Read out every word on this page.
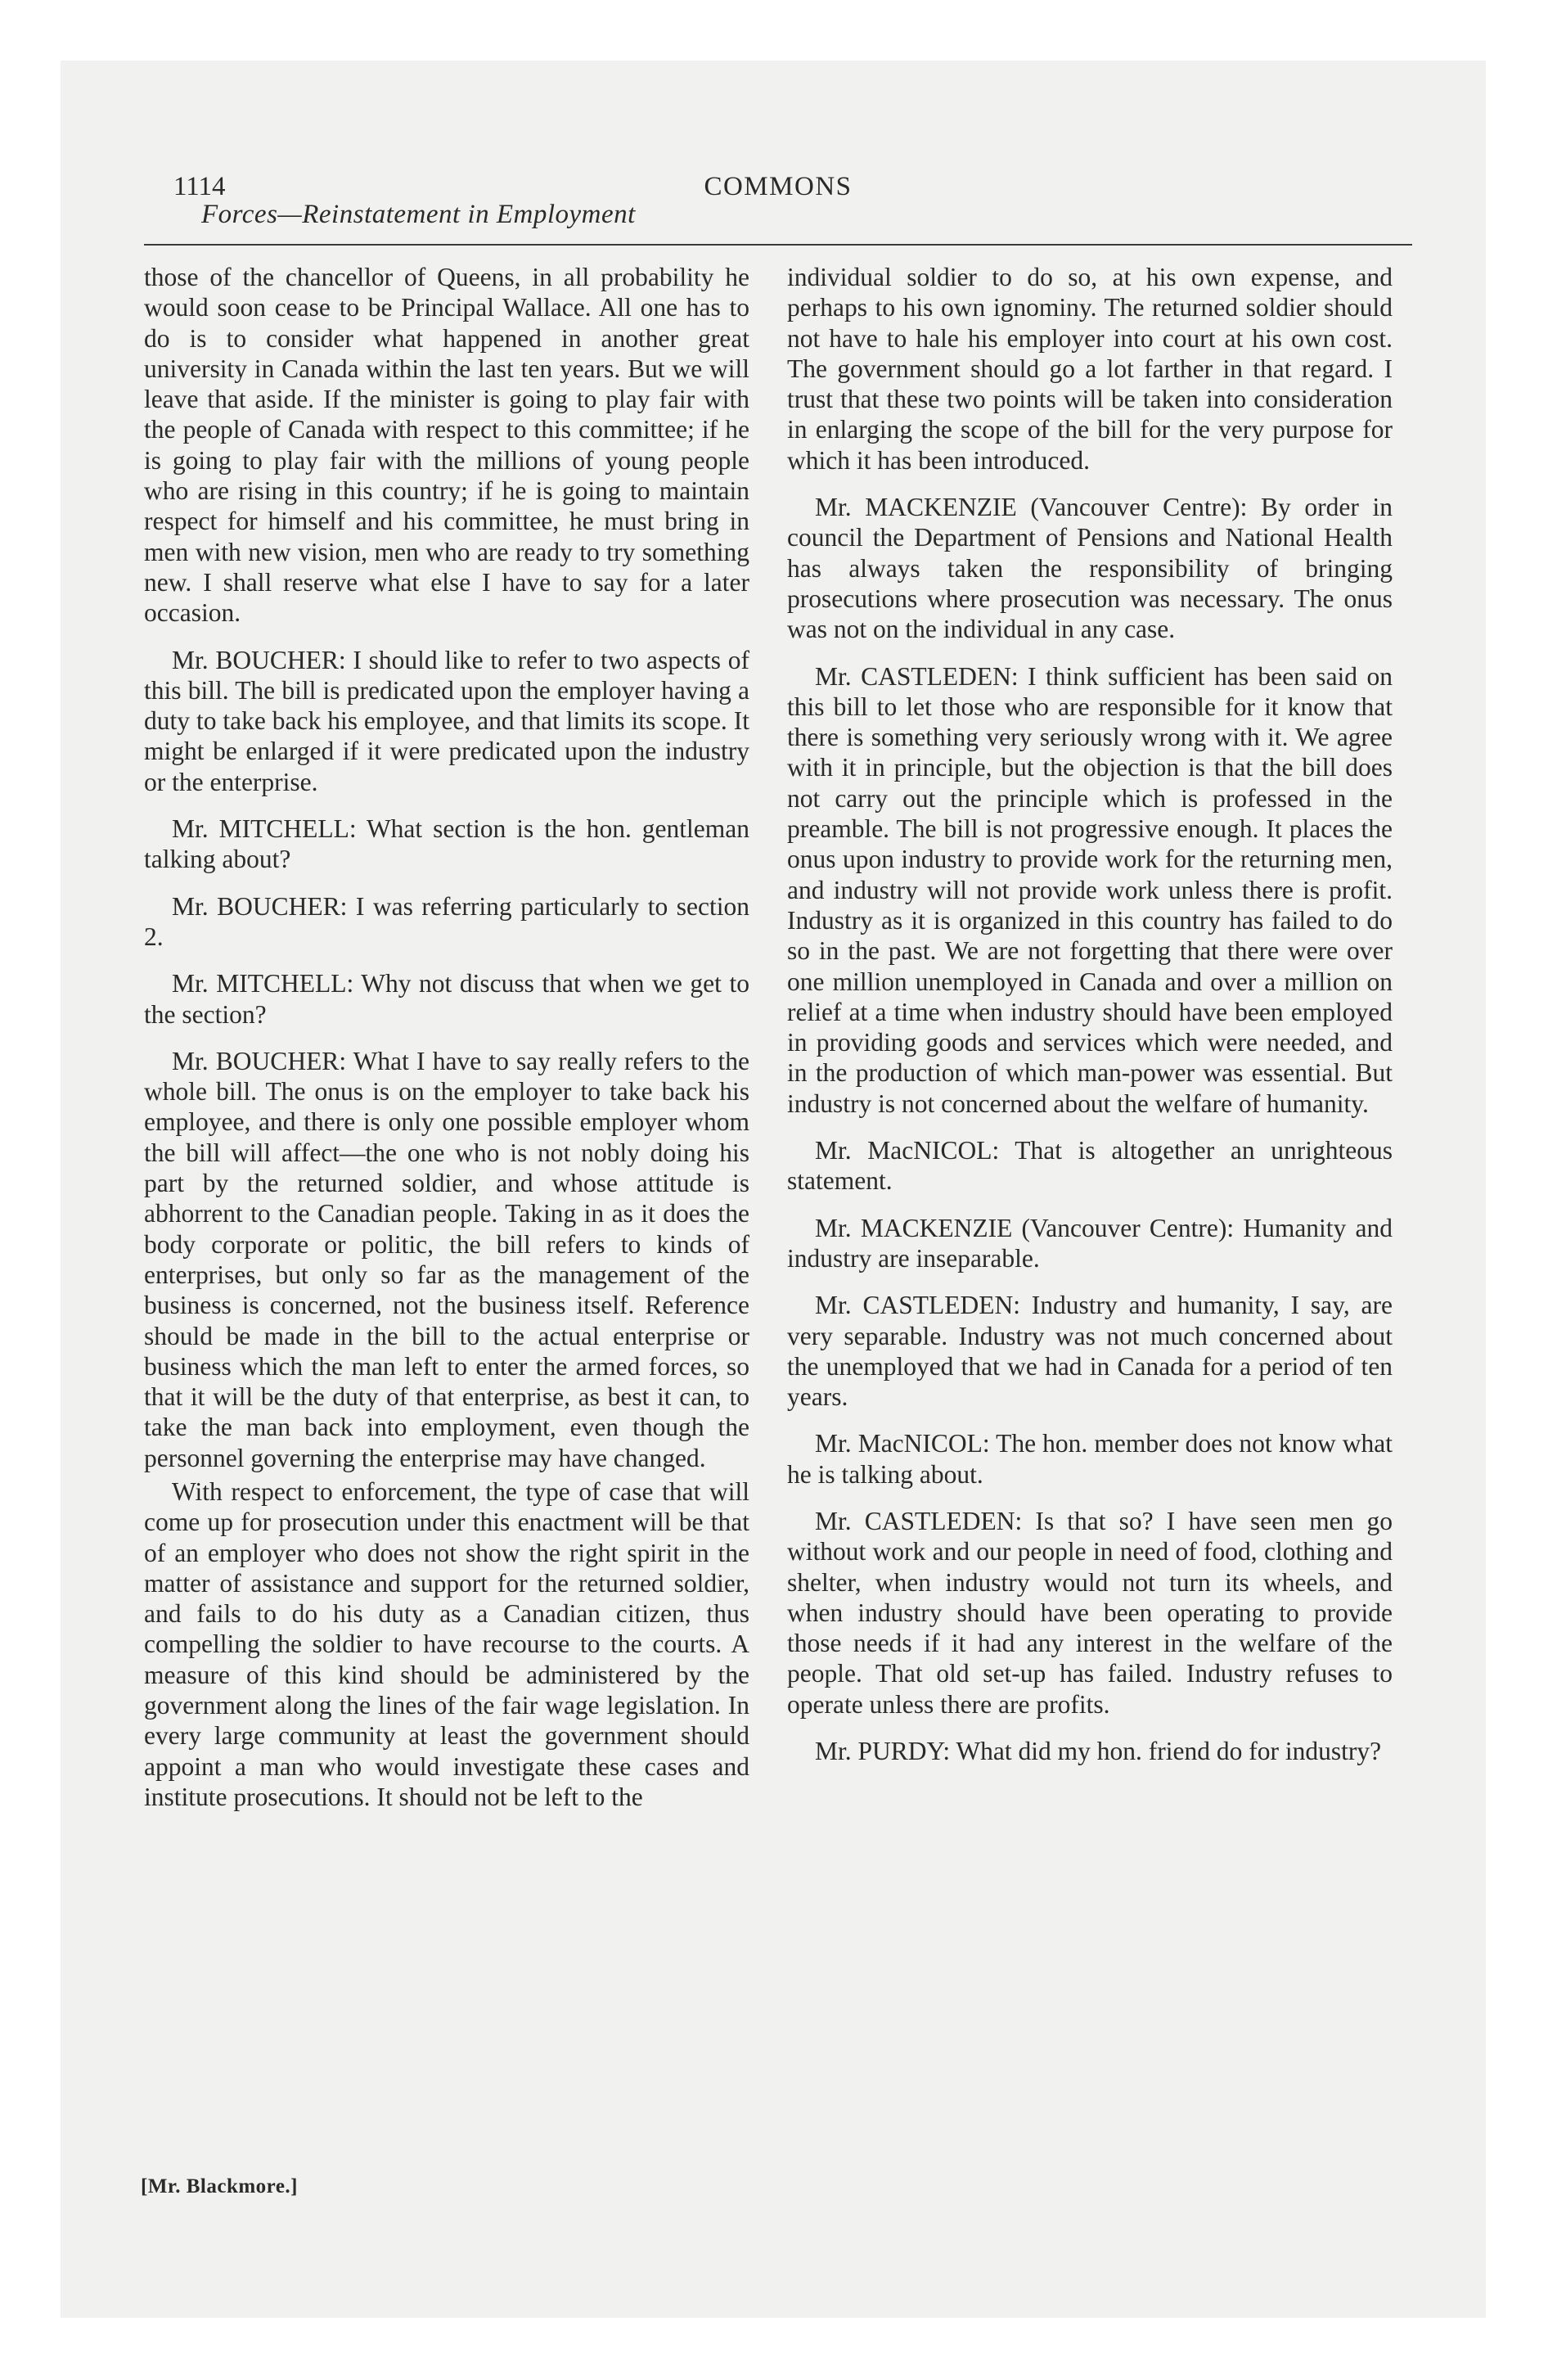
1114	COMMONS
Forces—Reinstatement in Employment

those of the chancellor of Queens, in all probability he would soon cease to be Principal Wallace. All one has to do is to consider what happened in another great university in Canada within the last ten years. But we will leave that aside. If the minister is going to play fair with the people of Canada with respect to this committee; if he is going to play fair with the millions of young people who are rising in this country; if he is going to maintain respect for himself and his committee, he must bring in men with new vision, men who are ready to try something new. I shall reserve what else I have to say for a later occasion.

Mr. BOUCHER: I should like to refer to two aspects of this bill. The bill is predicated upon the employer having a duty to take back his employee, and that limits its scope. It might be enlarged if it were predicated upon the industry or the enterprise.

Mr. MITCHELL: What section is the hon. gentleman talking about?

Mr. BOUCHER: I was referring particularly to section 2.

Mr. MITCHELL: Why not discuss that when we get to the section?

Mr. BOUCHER: What I have to say really refers to the whole bill. The onus is on the employer to take back his employee, and there is only one possible employer whom the bill will affect—the one who is not nobly doing his part by the returned soldier, and whose attitude is abhorrent to the Canadian people. Taking in as it does the body corporate or politic, the bill refers to kinds of enterprises, but only so far as the management of the business is concerned, not the business itself. Reference should be made in the bill to the actual enterprise or business which the man left to enter the armed forces, so that it will be the duty of that enterprise, as best it can, to take the man back into employment, even though the personnel governing the enterprise may have changed.

With respect to enforcement, the type of case that will come up for prosecution under this enactment will be that of an employer who does not show the right spirit in the matter of assistance and support for the returned soldier, and fails to do his duty as a Canadian citizen, thus compelling the soldier to have recourse to the courts. A measure of this kind should be administered by the government along the lines of the fair wage legislation. In every large community at least the government should appoint a man who would investigate these cases and institute prosecutions. It should not be left to the

individual soldier to do so, at his own expense, and perhaps to his own ignominy. The returned soldier should not have to hale his employer into court at his own cost. The government should go a lot farther in that regard. I trust that these two points will be taken into consideration in enlarging the scope of the bill for the very purpose for which it has been introduced.

Mr. MACKENZIE (Vancouver Centre): By order in council the Department of Pensions and National Health has always taken the responsibility of bringing prosecutions where prosecution was necessary. The onus was not on the individual in any case.

Mr. CASTLEDEN: I think sufficient has been said on this bill to let those who are responsible for it know that there is something very seriously wrong with it. We agree with it in principle, but the objection is that the bill does not carry out the principle which is professed in the preamble. The bill is not progressive enough. It places the onus upon industry to provide work for the returning men, and industry will not provide work unless there is profit. Industry as it is organized in this country has failed to do so in the past. We are not forgetting that there were over one million unemployed in Canada and over a million on relief at a time when industry should have been employed in providing goods and services which were needed, and in the production of which man-power was essential. But industry is not concerned about the welfare of humanity.

Mr. MacNICOL: That is altogether an unrighteous statement.

Mr. MACKENZIE (Vancouver Centre): Humanity and industry are inseparable.

Mr. CASTLEDEN: Industry and humanity, I say, are very separable. Industry was not much concerned about the unemployed that we had in Canada for a period of ten years.

Mr. MacNICOL: The hon. member does not know what he is talking about.

Mr. CASTLEDEN: Is that so? I have seen men go without work and our people in need of food, clothing and shelter, when industry would not turn its wheels, and when industry should have been operating to provide those needs if it had any interest in the welfare of the people. That old set-up has failed. Industry refuses to operate unless there are profits.

Mr. PURDY: What did my hon. friend do for industry?

[Mr. Blackmore.]
